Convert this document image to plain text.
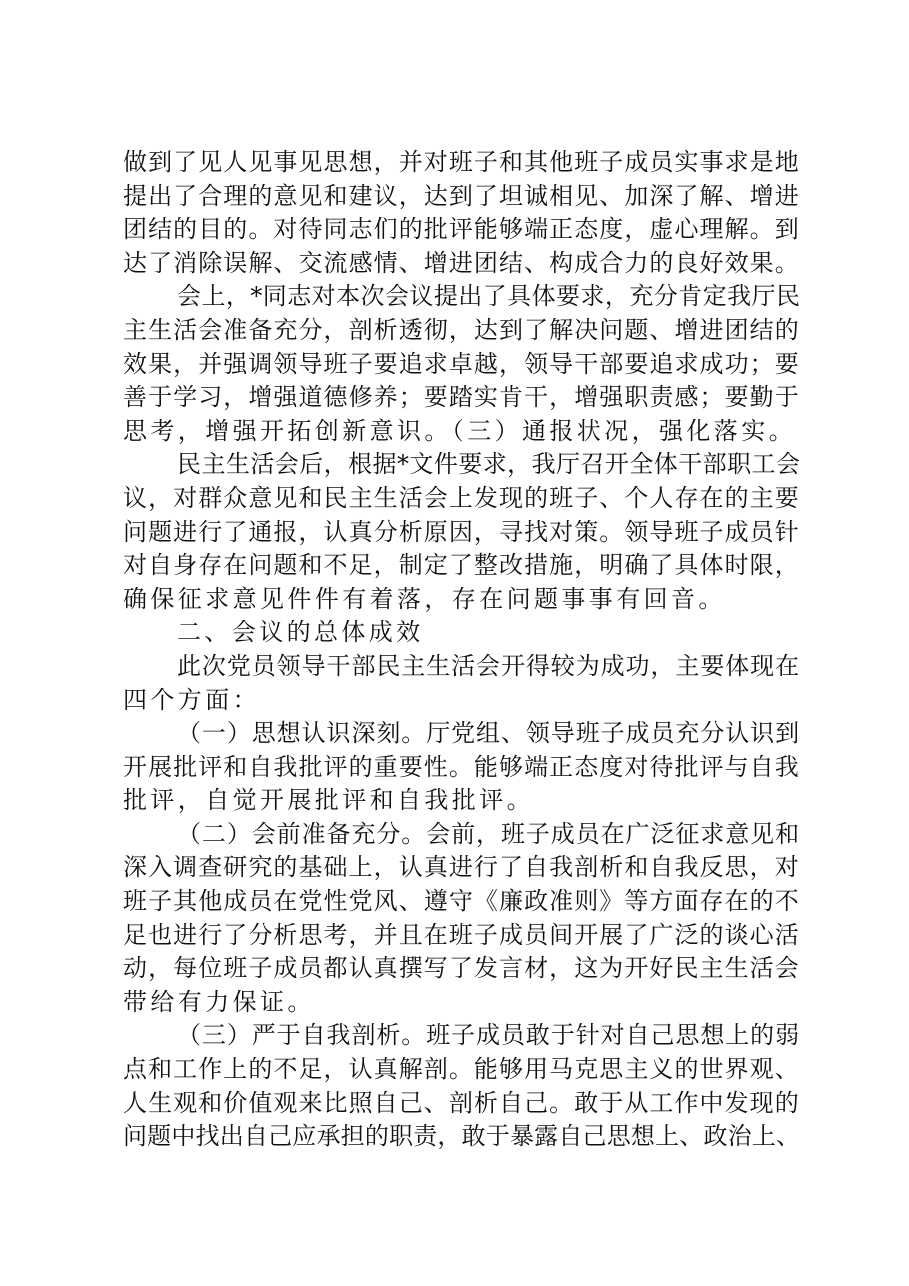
做到了见人见事见思想，并对班子和其他班子成员实事求是地
提出了合理的意见和建议，达到了坦诚相见、加深了解、增进
团结的目的。对待同志们的批评能够端正态度，虚心理解。到
达了消除误解、交流感情、增进团结、构成合力的良好效果。
会上，*同志对本次会议提出了具体要求，充分肯定我厅民
主生活会准备充分，剖析透彻，达到了解决问题、增进团结的
效果，并强调领导班子要追求卓越，领导干部要追求成功；要
善于学习，增强道德修养；要踏实肯干，增强职责感；要勤于
思考，增强开拓创新意识。（三）通报状况，强化落实。
民主生活会后，根据*文件要求，我厅召开全体干部职工会
议，对群众意见和民主生活会上发现的班子、个人存在的主要
问题进行了通报，认真分析原因，寻找对策。领导班子成员针
对自身存在问题和不足，制定了整改措施，明确了具体时限，
确保征求意见件件有着落，存在问题事事有回音。
二、会议的总体成效
此次党员领导干部民主生活会开得较为成功，主要体现在
四个方面：
（一）思想认识深刻。厅党组、领导班子成员充分认识到
开展批评和自我批评的重要性。能够端正态度对待批评与自我
批评，自觉开展批评和自我批评。
（二）会前准备充分。会前，班子成员在广泛征求意见和
深入调查研究的基础上，认真进行了自我剖析和自我反思，对
班子其他成员在党性党风、遵守《廉政准则》等方面存在的不
足也进行了分析思考，并且在班子成员间开展了广泛的谈心活
动，每位班子成员都认真撰写了发言材，这为开好民主生活会
带给有力保证。
（三）严于自我剖析。班子成员敢于针对自己思想上的弱
点和工作上的不足，认真解剖。能够用马克思主义的世界观、
人生观和价值观来比照自己、剖析自己。敢于从工作中发现的
问题中找出自己应承担的职责，敢于暴露自己思想上、政治上、
